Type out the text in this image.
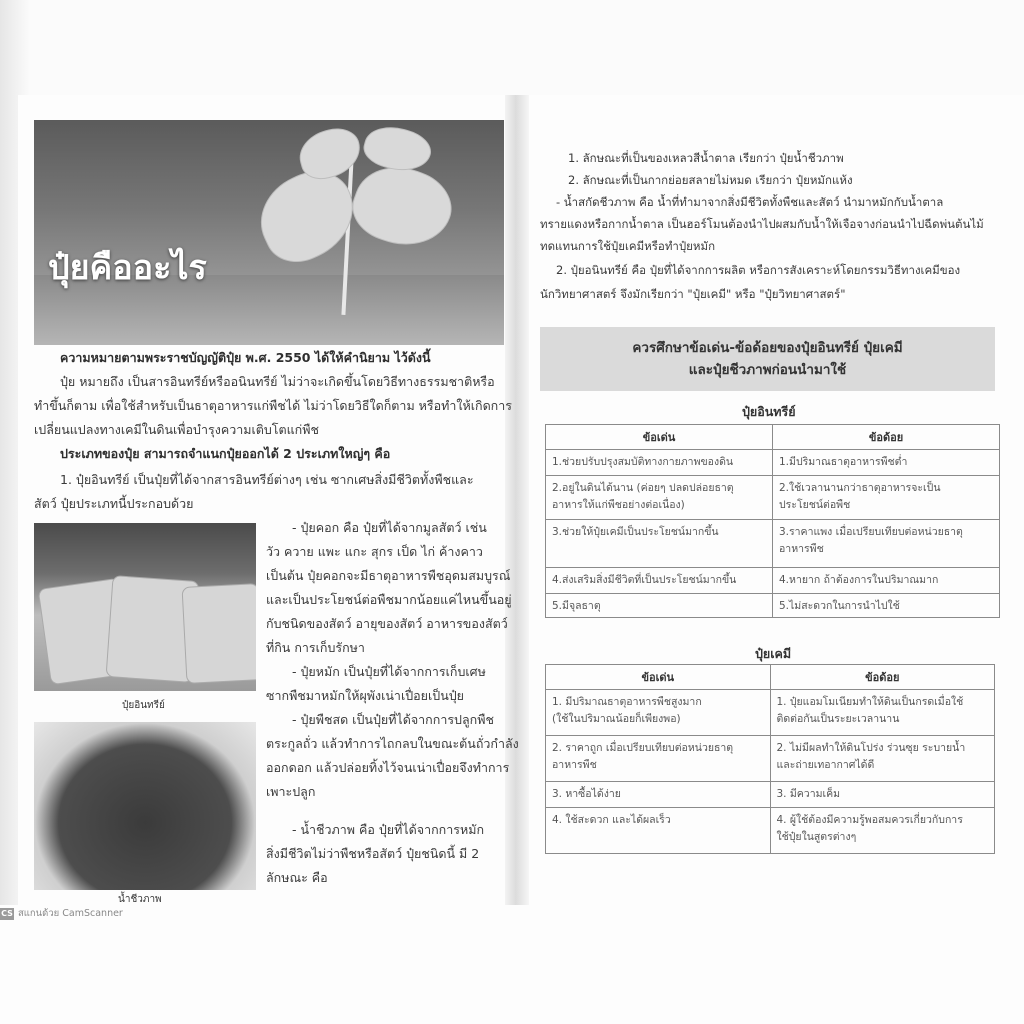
ปุ๋ยคืออะไร
ความหมายตามพระราชบัญญัติปุ๋ย พ.ศ. 2550 ได้ให้คำนิยาม ไว้ดังนี้
ปุ๋ย หมายถึง เป็นสารอินทรีย์หรืออนินทรีย์ ไม่ว่าจะเกิดขึ้นโดยวิธีทางธรรมชาติหรือ
ทำขึ้นก็ตาม เพื่อใช้สำหรับเป็นธาตุอาหารแก่พืชได้ ไม่ว่าโดยวิธีใดก็ตาม หรือทำให้เกิดการ
เปลี่ยนแปลงทางเคมีในดินเพื่อบำรุงความเติบโตแก่พืช
ประเภทของปุ๋ย สามารถจำแนกปุ๋ยออกได้ 2 ประเภทใหญ่ๆ คือ
1. ปุ๋ยอินทรีย์ เป็นปุ๋ยที่ได้จากสารอินทรีย์ต่างๆ เช่น ซากเศษสิ่งมีชีวิตทั้งพืชและ
สัตว์ ปุ๋ยประเภทนี้ประกอบด้วย
ปุ๋ยอินทรีย์
- ปุ๋ยคอก คือ ปุ๋ยที่ได้จากมูลสัตว์ เช่น
วัว ควาย แพะ แกะ สุกร เป็ด ไก่ ค้างคาว
เป็นต้น ปุ๋ยคอกจะมีธาตุอาหารพืชอุดมสมบูรณ์
และเป็นประโยชน์ต่อพืชมากน้อยแค่ไหนขึ้นอยู่
กับชนิดของสัตว์ อายุของสัตว์ อาหารของสัตว์
ที่กิน การเก็บรักษา
- ปุ๋ยหมัก เป็นปุ๋ยที่ได้จากการเก็บเศษ
ซากพืชมาหมักให้ผุพังเน่าเปื่อยเป็นปุ๋ย
- ปุ๋ยพืชสด เป็นปุ๋ยที่ได้จากการปลูกพืช
ตระกูลถั่ว แล้วทำการไถกลบในขณะต้นถั่วกำลัง
ออกดอก แล้วปล่อยทิ้งไว้จนเน่าเปื่อยจึงทำการ
เพาะปลูก
น้ำชีวภาพ
- น้ำชีวภาพ คือ ปุ๋ยที่ได้จากการหมัก
สิ่งมีชีวิตไม่ว่าพืชหรือสัตว์ ปุ๋ยชนิดนี้ มี 2
ลักษณะ คือ
1. ลักษณะที่เป็นของเหลวสีน้ำตาล เรียกว่า ปุ๋ยน้ำชีวภาพ
2. ลักษณะที่เป็นกากย่อยสลายไม่หมด เรียกว่า ปุ๋ยหมักแห้ง
- น้ำสกัดชีวภาพ คือ น้ำที่ทำมาจากสิ่งมีชีวิตทั้งพืชและสัตว์ นำมาหมักกับน้ำตาล
ทรายแดงหรือกากน้ำตาล เป็นฮอร์โมนต้องนำไปผสมกับน้ำให้เจือจางก่อนนำไปฉีดพ่นต้นไม้
ทดแทนการใช้ปุ๋ยเคมีหรือทำปุ๋ยหมัก
2. ปุ๋ยอนินทรีย์ คือ ปุ๋ยที่ได้จากการผลิต หรือการสังเคราะห์โดยกรรมวิธีทางเคมีของ
นักวิทยาศาสตร์ จึงมักเรียกว่า "ปุ๋ยเคมี" หรือ "ปุ๋ยวิทยาศาสตร์"
ควรศึกษาข้อเด่น-ข้อด้อยของปุ๋ยอินทรีย์ ปุ๋ยเคมี
และปุ๋ยชีวภาพก่อนนำมาใช้
ปุ๋ยอินทรีย์
ข้อเด่น	ข้อด้อย
1.ช่วยปรับปรุงสมบัติทางกายภาพของดิน	1.มีปริมาณธาตุอาหารพืชต่ำ
2.อยู่ในดินได้นาน (ค่อยๆ ปลดปล่อยธาตุ
อาหารให้แก่พืชอย่างต่อเนื่อง)	2.ใช้เวลานานกว่าธาตุอาหารจะเป็น
ประโยชน์ต่อพืช
3.ช่วยให้ปุ๋ยเคมีเป็นประโยชน์มากขึ้น	3.ราคาแพง เมื่อเปรียบเทียบต่อหน่วยธาตุ
อาหารพืช
4.ส่งเสริมสิ่งมีชีวิตที่เป็นประโยชน์มากขึ้น	4.หายาก ถ้าต้องการในปริมาณมาก
5.มีจุลธาตุ	5.ไม่สะดวกในการนำไปใช้
ปุ๋ยเคมี
ข้อเด่น	ข้อด้อย
1. มีปริมาณธาตุอาหารพืชสูงมาก
(ใช้ในปริมาณน้อยก็เพียงพอ)	1. ปุ๋ยแอมโมเนียมทำให้ดินเป็นกรดเมื่อใช้
ติดต่อกันเป็นระยะเวลานาน
2. ราคาถูก เมื่อเปรียบเทียบต่อหน่วยธาตุ
อาหารพืช	2. ไม่มีผลทำให้ดินโปร่ง ร่วนซุย ระบายน้ำ
และถ่ายเทอากาศได้ดี
3. หาซื้อได้ง่าย	3. มีความเค็ม
4. ใช้สะดวก และได้ผลเร็ว	4. ผู้ใช้ต้องมีความรู้พอสมควรเกี่ยวกับการ
ใช้ปุ๋ยในสูตรต่างๆ
CS สแกนด้วย CamScanner
